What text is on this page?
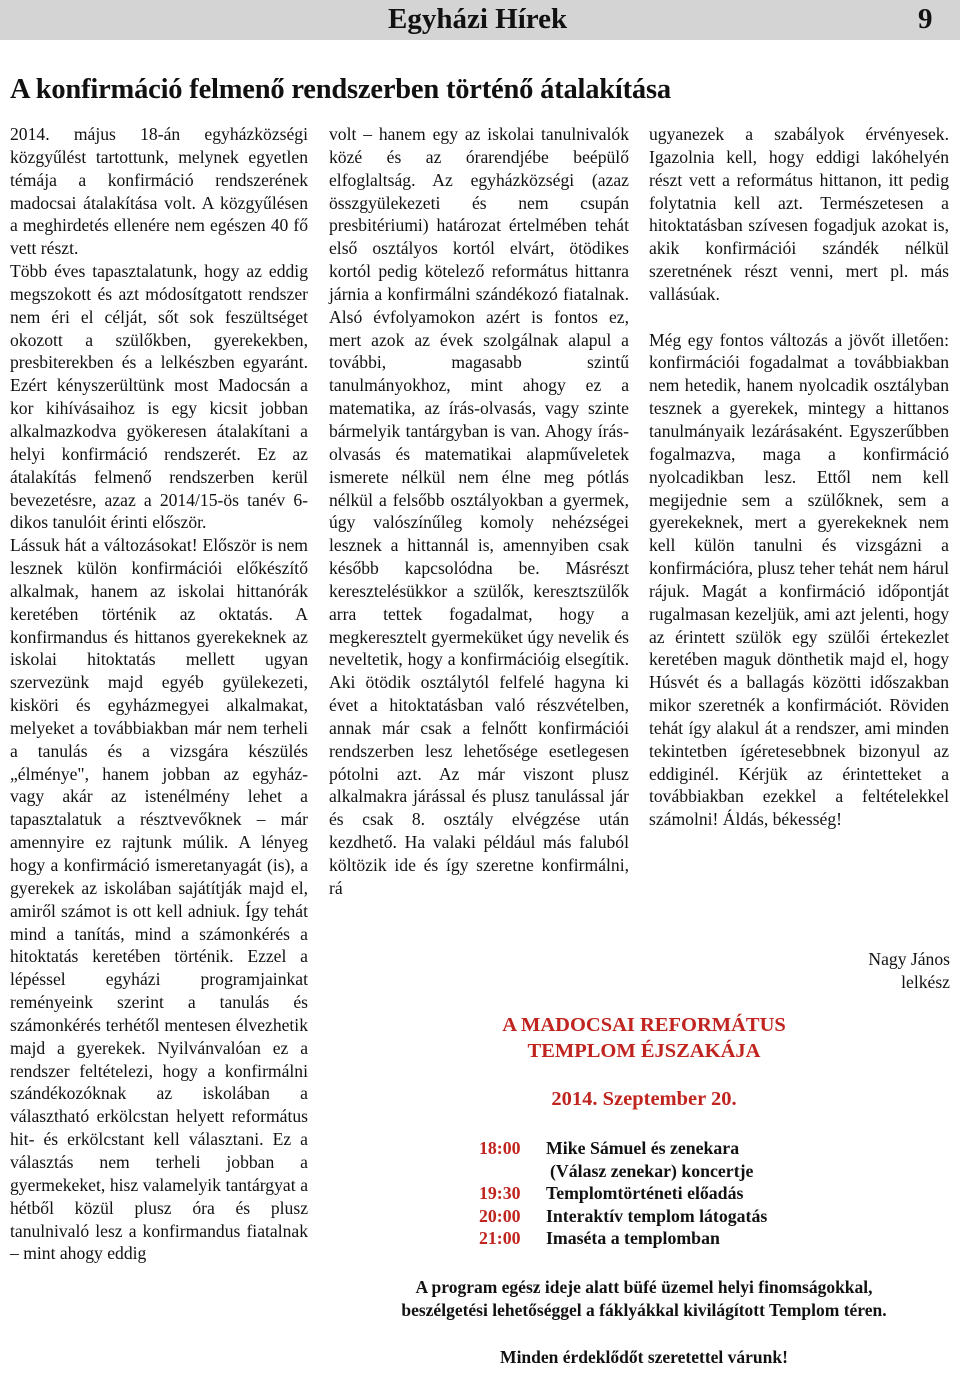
Egyházi Hírek	9
A konfirmáció felmenő rendszerben történő átalakítása

2014. május 18-án egyházközségi közgyűlést tartottunk, melynek egyetlen témája a konfirmáció rendszerének madocsai átalakítása volt. A közgyűlésen a meghirdetés ellenére nem egészen 40 fő vett részt.

Több éves tapasztalatunk, hogy az eddig megszokott és azt módosítgatott rendszer nem éri el célját, sőt sok feszültséget okozott a szülőkben, gyerekekben, presbiterekben és a lelkészben egyaránt. Ezért kényszerültünk most Madocsán a kor kihívásaihoz is egy kicsit jobban alkalmazkodva gyökeresen átalakítani a helyi konfirmáció rendszerét. Ez az átalakítás felmenő rendszerben kerül bevezetésre, azaz a 2014/15-ös tanév 6-dikos tanulóit érinti először.

Lássuk hát a változásokat! Először is nem lesznek külön konfirmációi előkészítő alkalmak, hanem az iskolai hittanórák keretében történik az oktatás. A konfirmandus és hittanos gyerekeknek az iskolai hitoktatás mellett ugyan szervezünk majd egyéb gyülekezeti, kisköri és egyházmegyei alkalmakat, melyeket a továbbiakban már nem terheli a tanulás és a vizsgára készülés „élménye", hanem jobban az egyház- vagy akár az istenélmény lehet a tapasztalatuk a résztvevőknek – már amennyire ez rajtunk múlik. A lényeg hogy a konfirmáció ismeretanyagát (is), a gyerekek az iskolában sajátítják majd el, amiről számot is ott kell adniuk. Így tehát mind a tanítás, mind a számonkérés a hitoktatás keretében történik. Ezzel a lépéssel egyházi programjainkat reményeink szerint a tanulás és számonkérés terhétől mentesen élvezhetik majd a gyerekek. Nyilvánvalóan ez a rendszer feltételezi, hogy a konfirmálni szándékozóknak az iskolában a választható erkölcstan helyett református hit- és erkölcstant kell választani. Ez a választás nem terheli jobban a gyermekeket, hisz valamelyik tantárgyat a hétből közül plusz óra és plusz tanulnivaló lesz a konfirmandus fiatalnak – mint ahogy eddig

volt – hanem egy az iskolai tanulnivalók közé és az órarendjébe beépülő elfoglaltság. Az egyházközségi (azaz összgyülekezeti és nem csupán presbitériumi) határozat értelmében tehát első osztályos kortól elvárt, ötödikes kortól pedig kötelező református hittanra járnia a konfirmálni szándékozó fiatalnak. Alsó évfolyamokon azért is fontos ez, mert azok az évek szolgálnak alapul a további, magasabb szintű tanulmányokhoz, mint ahogy ez a matematika, az írás-olvasás, vagy szinte bármelyik tantárgyban is van. Ahogy írás-olvasás és matematikai alapműveletek ismerete nélkül nem élne meg pótlás nélkül a felsőbb osztályokban a gyermek, úgy valószínűleg komoly nehézségei lesznek a hittannál is, amennyiben csak később kapcsolódna be. Másrészt keresztelésükkor a szülők, keresztszülők arra tettek fogadalmat, hogy a megkeresztelt gyermeküket úgy nevelik és neveltetik, hogy a konfirmációig elsegítik. Aki ötödik osztálytól felfelé hagyna ki évet a hitoktatásban való részvételben, annak már csak a felnőtt konfirmációi rendszerben lesz lehetősége esetlegesen pótolni azt. Az már viszont plusz alkalmakra járással és plusz tanulással jár és csak 8. osztály elvégzése után kezdhető. Ha valaki például más faluból költözik ide és így szeretne konfirmálni, rá

ugyanezek a szabályok érvényesek. Igazolnia kell, hogy eddigi lakóhelyén részt vett a református hittanon, itt pedig folytatnia kell azt. Természetesen a hitoktatásban szívesen fogadjuk azokat is, akik konfirmációi szándék nélkül szeretnének részt venni, mert pl. más vallásúak.

Még egy fontos változás a jövőt illetően: konfirmációi fogadalmat a továbbiakban nem hetedik, hanem nyolcadik osztályban tesznek a gyerekek, mintegy a hittanos tanulmányaik lezárásaként. Egyszerűbben fogalmazva, maga a konfirmáció nyolcadikban lesz. Ettől nem kell megijednie sem a szülőknek, sem a gyerekeknek, mert a gyerekeknek nem kell külön tanulni és vizsgázni a konfirmációra, plusz teher tehát nem hárul rájuk. Magát a konfirmáció időpontját rugalmasan kezeljük, ami azt jelenti, hogy az érintett szülök egy szülői értekezlet keretében maguk dönthetik majd el, hogy Húsvét és a ballagás közötti időszakban mikor szeretnék a konfirmációt. Röviden tehát így alakul át a rendszer, ami minden tekintetben ígéretesebbnek bizonyul az eddiginél. Kérjük az érintetteket a továbbiakban ezekkel a feltételekkel számolni! Áldás, békesség!

Nagy János
lelkész
A MADOCSAI REFORMÁTUS
TEMPLOM ÉJSZAKÁJA
2014. Szeptember 20.
18:00 Mike Sámuel és zenekara
(Válasz zenekar) koncertje
19:30 Templomtörténeti előadás
20:00 Interaktív templom látogatás
21:00 Imaséta a templomban
A program egész ideje alatt büfé üzemel helyi finomságokkal,
beszélgetési lehetőséggel a fáklyákkal kivilágított Templom téren.
Minden érdeklődőt szeretettel várunk!
